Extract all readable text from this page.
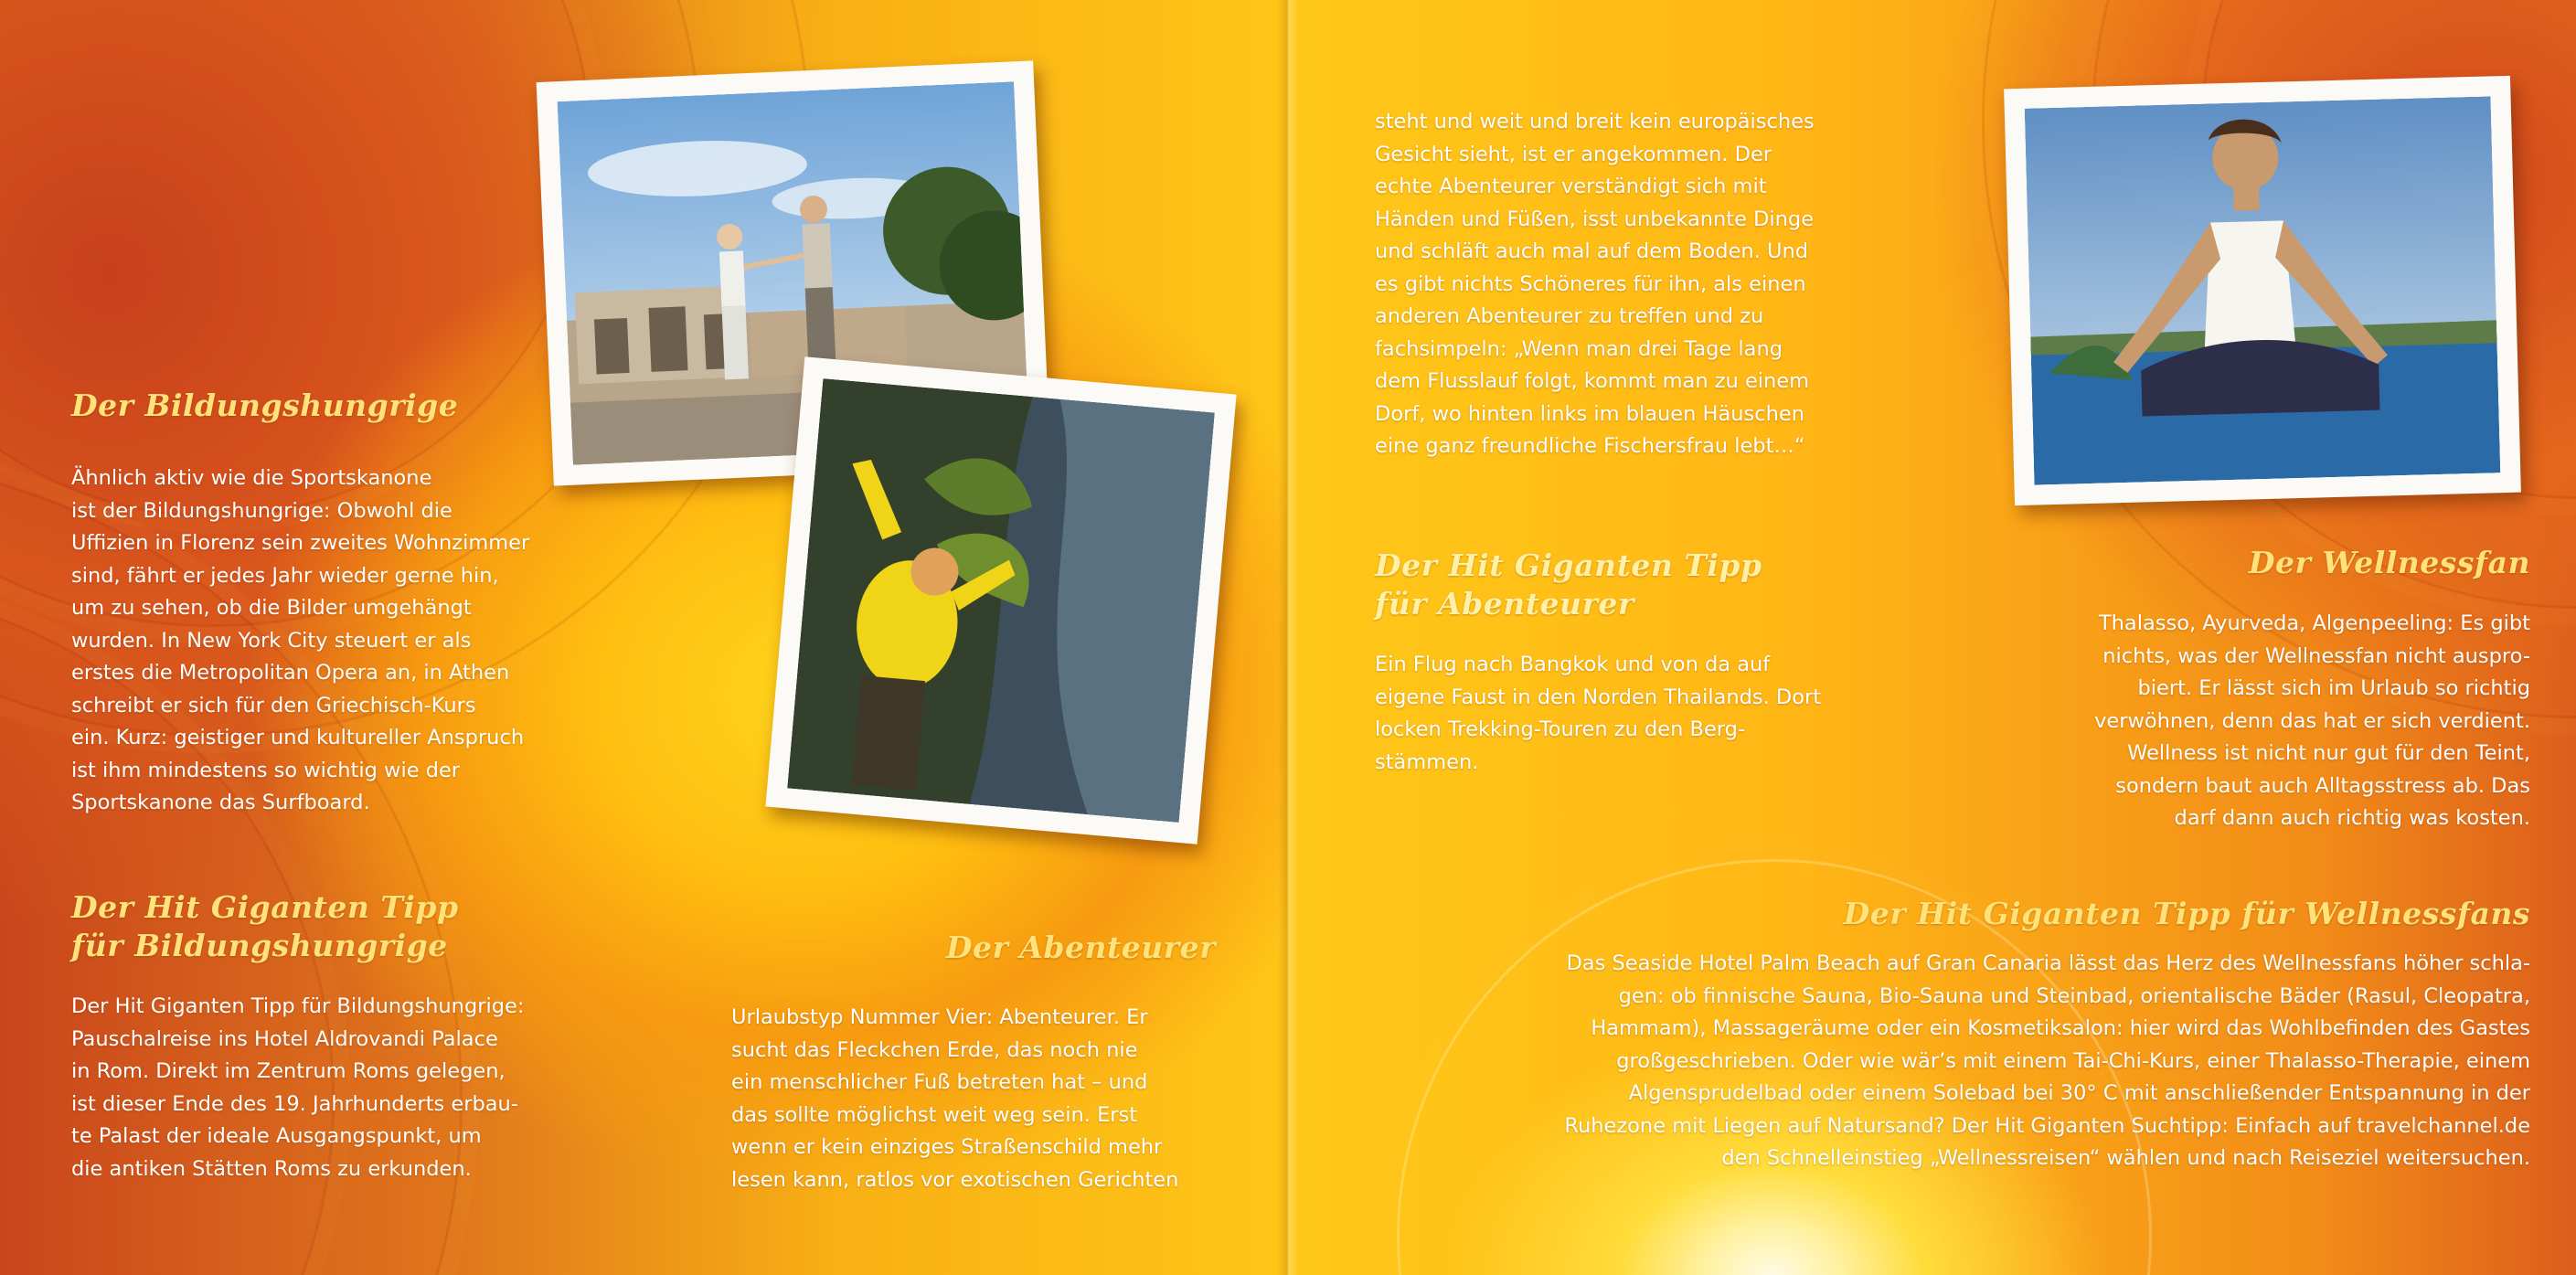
Der Bildungshungrige
Ähnlich aktiv wie die Sportskanone
ist der Bildungshungrige: Obwohl die
Uffizien in Florenz sein zweites Wohnzimmer
sind, fährt er jedes Jahr wieder gerne hin,
um zu sehen, ob die Bilder umgehängt
wurden. In New York City steuert er als
erstes die Metropolitan Opera an, in Athen
schreibt er sich für den Griechisch-Kurs
ein. Kurz: geistiger und kultureller Anspruch
ist ihm mindestens so wichtig wie der
Sportskanone das Surfboard.
Der Hit Giganten Tipp
für Bildungshungrige
Der Hit Giganten Tipp für Bildungshungrige:
Pauschalreise ins Hotel Aldrovandi Palace
in Rom. Direkt im Zentrum Roms gelegen,
ist dieser Ende des 19. Jahrhunderts erbau-
te Palast der ideale Ausgangspunkt, um
die antiken Stätten Roms zu erkunden.
Der Abenteurer
Urlaubstyp Nummer Vier: Abenteurer. Er
sucht das Fleckchen Erde, das noch nie
ein menschlicher Fuß betreten hat – und
das sollte möglichst weit weg sein. Erst
wenn er kein einziges Straßenschild mehr
lesen kann, ratlos vor exotischen Gerichten
steht und weit und breit kein europäisches
Gesicht sieht, ist er angekommen. Der
echte Abenteurer verständigt sich mit
Händen und Füßen, isst unbekannte Dinge
und schläft auch mal auf dem Boden. Und
es gibt nichts Schöneres für ihn, als einen
anderen Abenteurer zu treffen und zu
fachsimpeln: „Wenn man drei Tage lang
dem Flusslauf folgt, kommt man zu einem
Dorf, wo hinten links im blauen Häuschen
eine ganz freundliche Fischersfrau lebt…“
Der Hit Giganten Tipp
für Abenteurer
Ein Flug nach Bangkok und von da auf
eigene Faust in den Norden Thailands. Dort
locken Trekking-Touren zu den Berg-
stämmen.
Der Wellnessfan
Thalasso, Ayurveda, Algenpeeling: Es gibt
nichts, was der Wellnessfan nicht auspro-
biert. Er lässt sich im Urlaub so richtig
verwöhnen, denn das hat er sich verdient.
Wellness ist nicht nur gut für den Teint,
sondern baut auch Alltagsstress ab. Das
darf dann auch richtig was kosten.
Der Hit Giganten Tipp für Wellnessfans
Das Seaside Hotel Palm Beach auf Gran Canaria lässt das Herz des Wellnessfans höher schla-
gen: ob finnische Sauna, Bio-Sauna und Steinbad, orientalische Bäder (Rasul, Cleopatra,
Hammam), Massageräume oder ein Kosmetiksalon: hier wird das Wohlbefinden des Gastes
großgeschrieben. Oder wie wär’s mit einem Tai-Chi-Kurs, einer Thalasso-Therapie, einem
Algensprudelbad oder einem Solebad bei 30° C mit anschließender Entspannung in der
Ruhezone mit Liegen auf Natursand? Der Hit Giganten Suchtipp: Einfach auf travelchannel.de
den Schnelleinstieg „Wellnessreisen“ wählen und nach Reiseziel weitersuchen.
